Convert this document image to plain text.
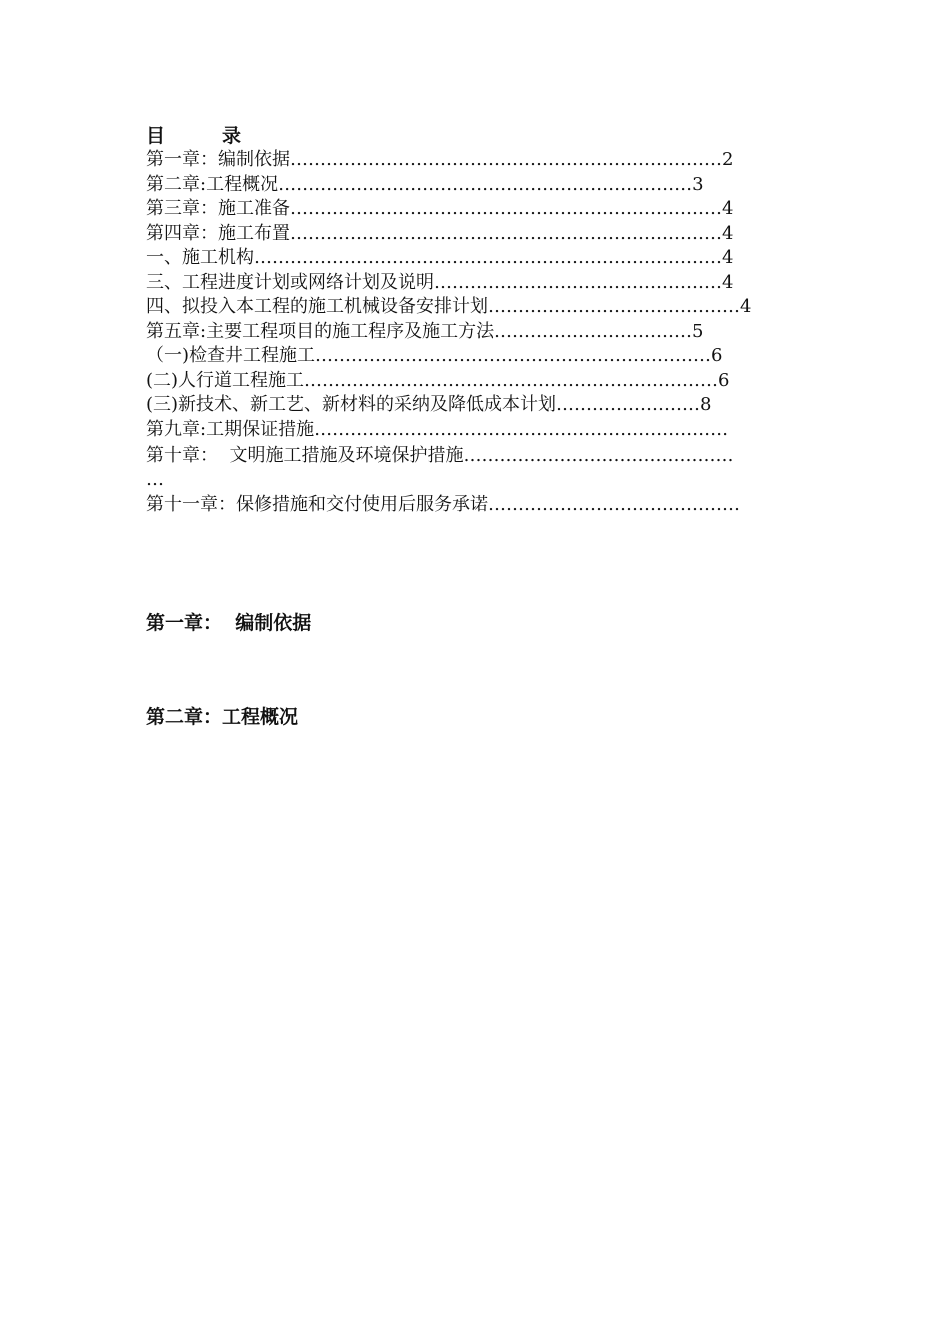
目　　　录
第一章：编制依据………………………………………………………………2
第二章:工程概况……………………………………………………………3
第三章：施工准备………………………………………………………………4
第四章：施工布置………………………………………………………………4
一、施工机构……………………………………………………………………4
三、工程进度计划或网络计划及说明…………………………………………4
四、拟投入本工程的施工机械设备安排计划……………………………………4
第五章:主要工程项目的施工程序及施工方法……………………………5
（一)检查井工程施工…………………………………………………………6
(二)人行道工程施工……………………………………………………………6
(三)新技术、新工艺、新材料的采纳及降低成本计划……………………8
第九章:工期保证措施……………………………………………………………
第十章：  文明施工措施及环境保护措施………………………………………
…
第十一章：保修措施和交付使用后服务承诺……………………………………
第一章：  编制依据
第二章：工程概况
